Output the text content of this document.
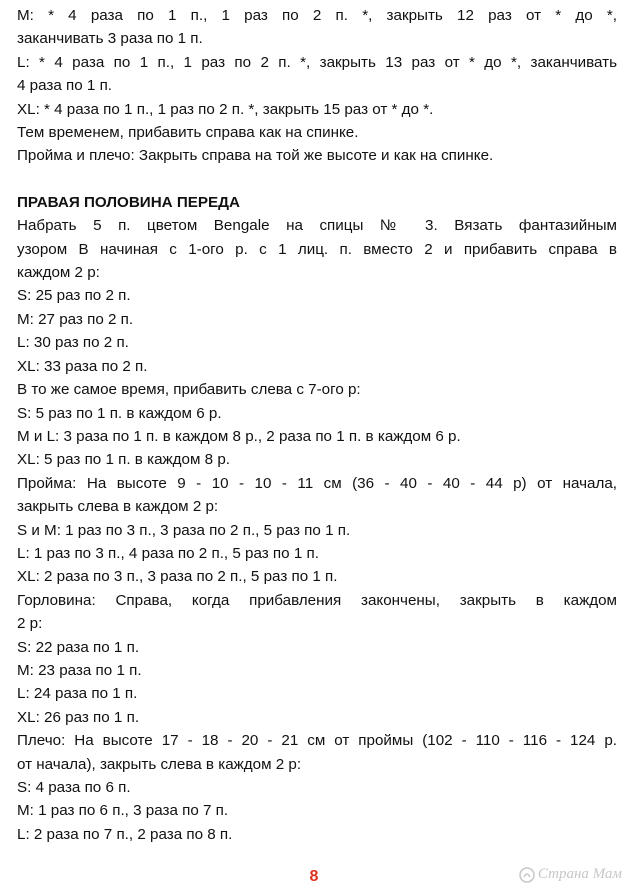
M: * 4 раза по 1 п., 1 раз по 2 п. *, закрыть 12 раз от * до *,
заканчивать 3 раза по 1 п.
L: * 4 раза по 1 п., 1 раз по 2 п. *, закрыть 13 раз от * до *, заканчивать
4 раза по 1 п.
XL: * 4 раза по 1 п., 1 раз по 2 п. *, закрыть 15 раз от * до *.
Тем временем, прибавить справа как на спинке.
Пройма и плечо: Закрыть справа на той же высоте и как на спинке.
ПРАВАЯ ПОЛОВИНА ПЕРЕДА
Набрать 5 п. цветом Bengale на спицы № 3. Вязать фантазийным
узором B начиная с 1-ого р. с 1 лиц. п. вместо 2 и прибавить справа в
каждом 2 р:
S: 25 раз по 2 п.
M: 27 раз по 2 п.
L: 30 раз по 2 п.
XL: 33 раза по 2 п.
В то же самое время, прибавить слева с 7-ого р:
S: 5 раз по 1 п. в каждом 6 р.
M и L: 3 раза по 1 п. в каждом 8 р., 2 раза по 1 п. в каждом 6 р.
XL: 5 раз по 1 п. в каждом 8 р.
Пройма: На высоте 9 - 10 - 10 - 11 см (36 - 40 - 40 - 44 р) от начала,
закрыть слева в каждом 2 р:
S и M: 1 раз по 3 п., 3 раза по 2 п., 5 раз по 1 п.
L: 1 раз по 3 п., 4 раза по 2 п., 5 раз по 1 п.
XL: 2 раза по 3 п., 3 раза по 2 п., 5 раз по 1 п.
Горловина: Справа, когда прибавления закончены, закрыть в каждом
2 р:
S: 22 раза по 1 п.
M: 23 раза по 1 п.
L: 24 раза по 1 п.
XL: 26 раз по 1 п.
Плечо: На высоте 17 - 18 - 20 - 21 см от проймы (102 - 110 - 116 - 124 р.
от начала), закрыть слева в каждом 2 р:
S: 4 раза по 6 п.
M: 1 раз по 6 п., 3 раза по 7 п.
L: 2 раза по 7 п., 2 раза по 8 п.
8	Страна Мам
